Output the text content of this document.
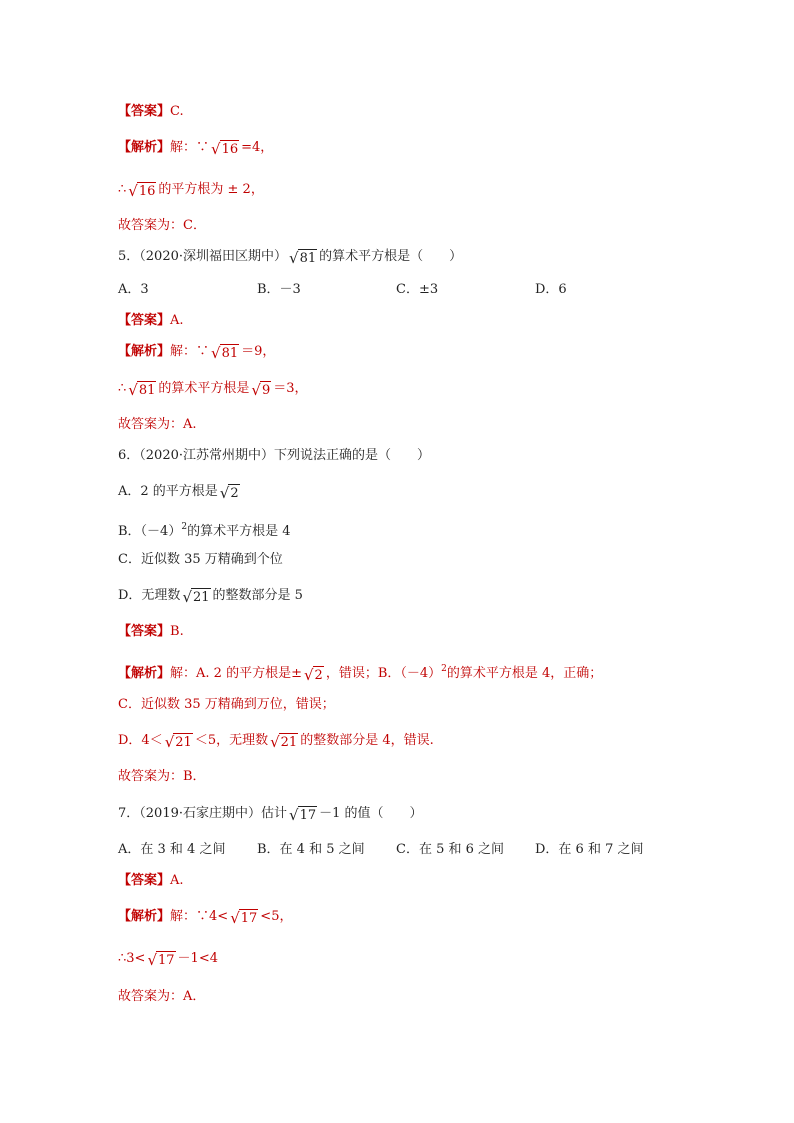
【答案】C.
【解析】解：∵ √ 16 =4，
∴ √ 16 的平方根为 ± 2，
故答案为：C．
5．（2020·深圳福田区期中） √ 81 的算术平方根是（　　）
A．3	B．－3	C．±3	D．6
【答案】A.
【解析】解：∵ √ 81 ＝9，
∴ √ 81 的算术平方根是 √ 9 ＝3，
故答案为：A.
6．（2020·江苏常州期中）下列说法正确的是（　　）
A．2 的平方根是 √ 2
B．$(-4)^2$的算术平方根是 4
C．近似数 35 万精确到个位
D．无理数 √ 21 的整数部分是 5
【答案】B.
【解析】解：A. 2 的平方根是± √ 2 ，错误；B．$(-4)^2$的算术平方根是 4，正确；
C．近似数 35 万精确到万位，错误；
D．4＜ √ 21 ＜5，无理数 √ 21 的整数部分是 4，错误.
故答案为：B．
7．（2019·石家庄期中）估计 √ 17 －1 的值（　　）
A．在 3 和 4 之间 B．在 4 和 5 之间 C．在 5 和 6 之间 D．在 6 和 7 之间
【答案】A.
【解析】解：∵4< √ 17 <5，
∴3< √ 17 －1<4
故答案为：A．
